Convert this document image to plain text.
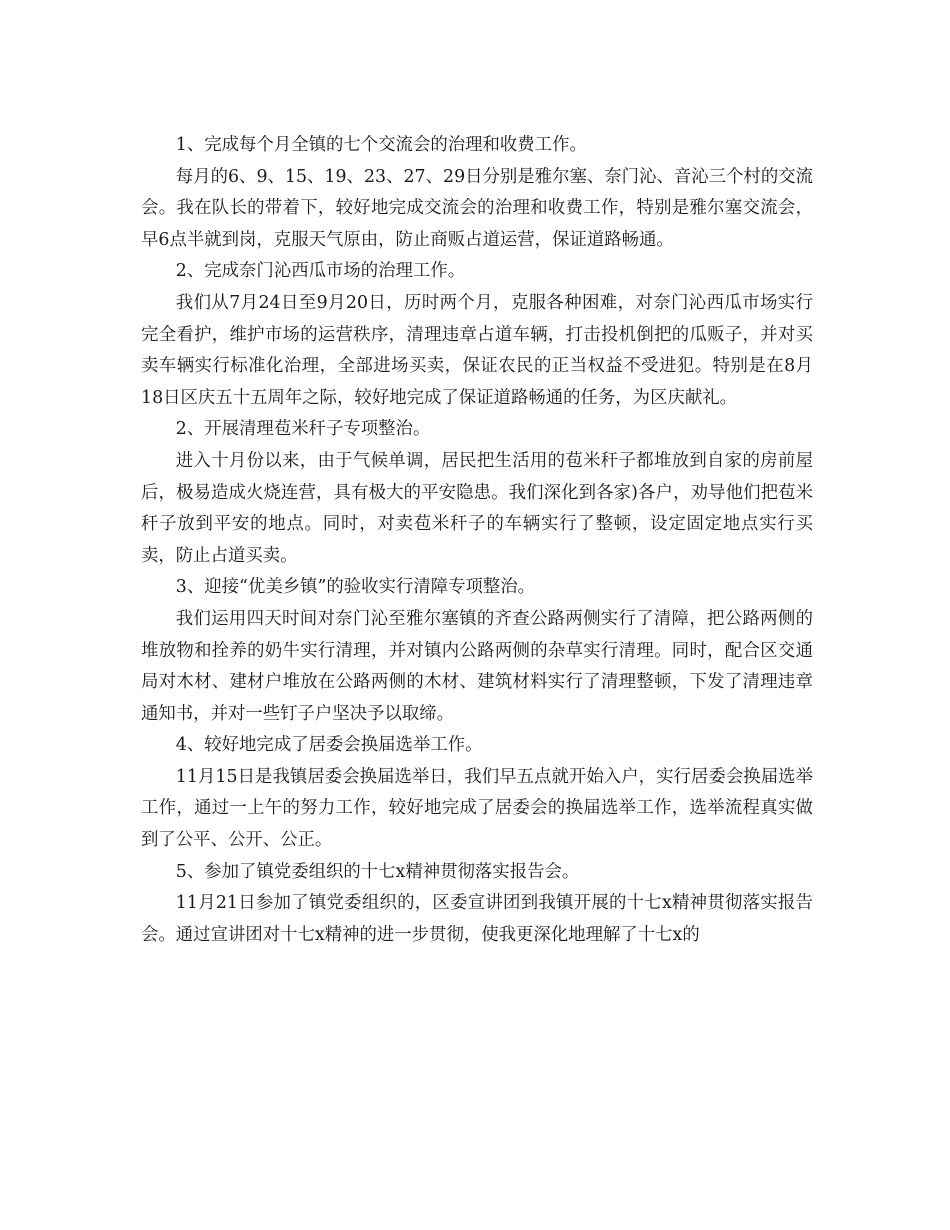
1、完成每个月全镇的七个交流会的治理和收费工作。

每月的6、9、15、19、23、27、29日分别是雅尔塞、奈门沁、音沁三个村的交流会。我在队长的带着下，较好地完成交流会的治理和收费工作，特别是雅尔塞交流会，早6点半就到岗，克服天气原由，防止商贩占道运营，保证道路畅通。

2、完成奈门沁西瓜市场的治理工作。

我们从7月24日至9月20日，历时两个月，克服各种困难，对奈门沁西瓜市场实行完全看护，维护市场的运营秩序，清理违章占道车辆，打击投机倒把的瓜贩子，并对买卖车辆实行标准化治理，全部进场买卖，保证农民的正当权益不受进犯。特别是在8月18日区庆五十五周年之际，较好地完成了保证道路畅通的任务，为区庆献礼。

2、开展清理苞米秆子专项整治。

进入十月份以来，由于气候单调，居民把生活用的苞米秆子都堆放到自家的房前屋后，极易造成火烧连营，具有极大的平安隐患。我们深化到各家)各户，劝导他们把苞米秆子放到平安的地点。同时，对卖苞米秆子的车辆实行了整顿，设定固定地点实行买卖，防止占道买卖。

3、迎接“优美乡镇”的验收实行清障专项整治。

我们运用四天时间对奈门沁至雅尔塞镇的齐查公路两侧实行了清障，把公路两侧的堆放物和拴养的奶牛实行清理，并对镇内公路两侧的杂草实行清理。同时，配合区交通局对木材、建材户堆放在公路两侧的木材、建筑材料实行了清理整顿，下发了清理违章通知书，并对一些钉子户坚决予以取缔。

4、较好地完成了居委会换届选举工作。

11月15日是我镇居委会换届选举日，我们早五点就开始入户，实行居委会换届选举工作，通过一上午的努力工作，较好地完成了居委会的换届选举工作，选举流程真实做到了公平、公开、公正。

5、参加了镇党委组织的十七x精神贯彻落实报告会。

11月21日参加了镇党委组织的，区委宣讲团到我镇开展的十七x精神贯彻落实报告会。通过宣讲团对十七x精神的进一步贯彻，使我更深化地理解了十七x的
